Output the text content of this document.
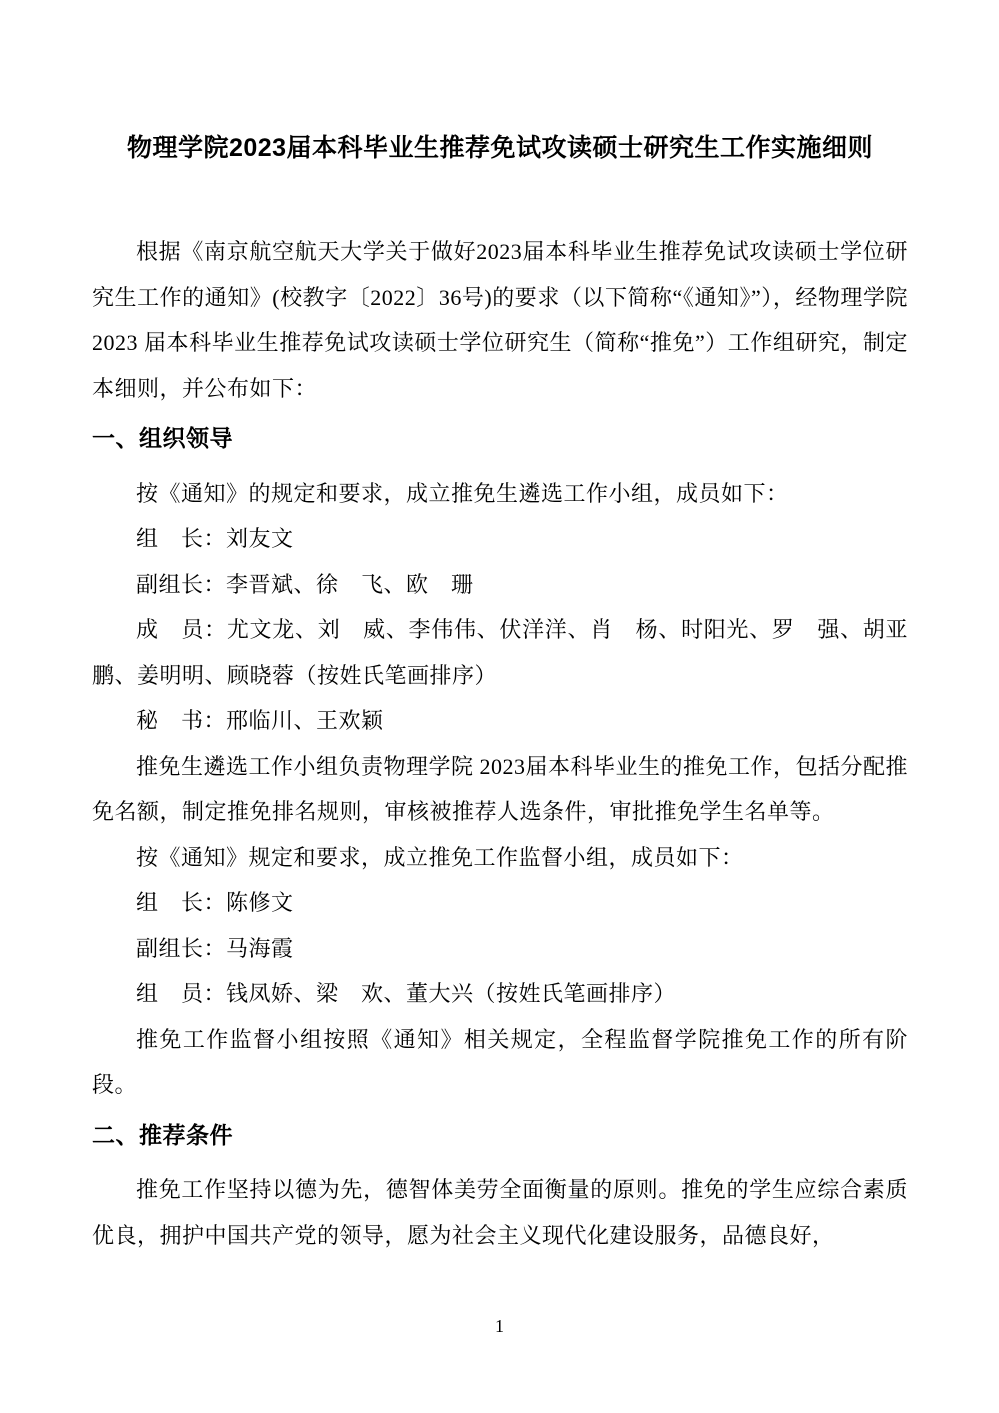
物理学院2023届本科毕业生推荐免试攻读硕士研究生工作实施细则

根据《南京航空航天大学关于做好2023届本科毕业生推荐免试攻读硕士学位研究生工作的通知》(校教字〔2022〕36号)的要求（以下简称“《通知》”），经物理学院 2023 届本科毕业生推荐免试攻读硕士学位研究生（简称“推免”）工作组研究，制定本细则，并公布如下：

一、组织领导

按《通知》的规定和要求，成立推免生遴选工作小组，成员如下：

组　长：刘友文

副组长：李晋斌、徐　飞、欧　珊

成　员：尤文龙、刘　威、李伟伟、伏洋洋、肖　杨、时阳光、罗　强、胡亚鹏、姜明明、顾晓蓉（按姓氏笔画排序）

秘　书：邢临川、王欢颖

推免生遴选工作小组负责物理学院 2023届本科毕业生的推免工作，包括分配推免名额，制定推免排名规则，审核被推荐人选条件，审批推免学生名单等。

按《通知》规定和要求，成立推免工作监督小组，成员如下：

组　长：陈修文

副组长：马海霞

组　员：钱凤娇、梁　欢、董大兴（按姓氏笔画排序）

推免工作监督小组按照《通知》相关规定，全程监督学院推免工作的所有阶段。

二、推荐条件

推免工作坚持以德为先，德智体美劳全面衡量的原则。推免的学生应综合素质优良，拥护中国共产党的领导，愿为社会主义现代化建设服务，品德良好，

1
